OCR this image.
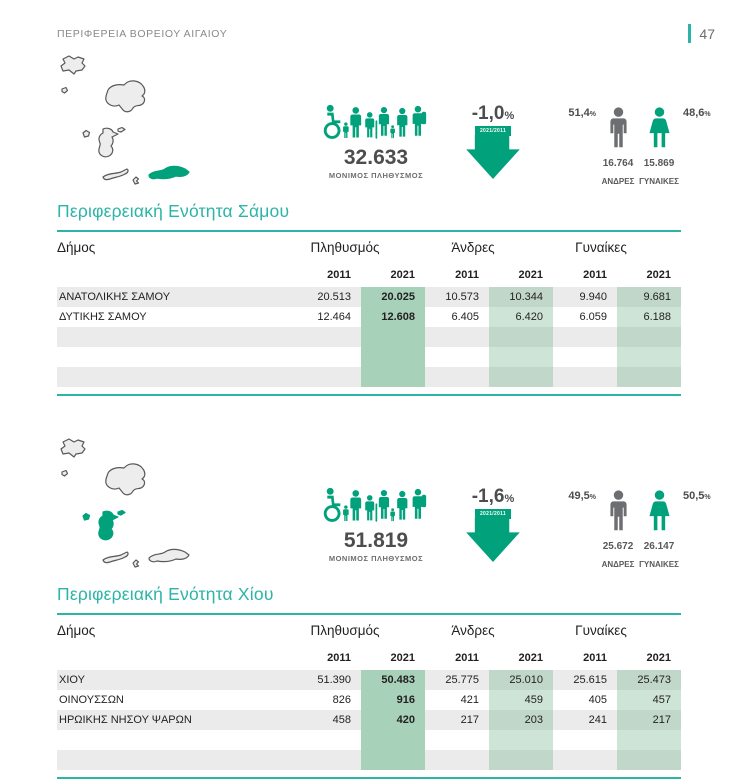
ΠΕΡΙΦΕΡΕΙΑ ΒΟΡΕΙΟΥ ΑΙΓΑΙΟΥ	47
32.633
ΜΟΝΙΜΟΣ ΠΛΗΘΥΣΜΟΣ
-1,0%
2021/2011
51,4%	48,6%
16.764	15.869
ΑΝΔΡΕΣ ΓΥΝΑΙΚΕΣ
Περιφερειακή Ενότητα Σάμου
Δήμος	Πληθυσμός	Άνδρες	Γυναίκες
2011	2021	2011	2021	2011	2021
ΑΝΑΤΟΛΙΚΗΣ ΣΑΜΟΥ	20.513	20.025	10.573	10.344	9.940	9.681
ΔΥΤΙΚΗΣ ΣΑΜΟΥ	12.464	12.608	6.405	6.420	6.059	6.188
51.819
ΜΟΝΙΜΟΣ ΠΛΗΘΥΣΜΟΣ
-1,6%
2021/2011
49,5%	50,5%
25.672	26.147
ΑΝΔΡΕΣ ΓΥΝΑΙΚΕΣ
Περιφερειακή Ενότητα Χίου
Δήμος	Πληθυσμός	Άνδρες	Γυναίκες
2011	2021	2011	2021	2011	2021
ΧΙΟΥ	51.390	50.483	25.775	25.010	25.615	25.473
ΟΙΝΟΥΣΣΩΝ	826	916	421	459	405	457
ΗΡΩΙΚΗΣ ΝΗΣΟΥ ΨΑΡΩΝ	458	420	217	203	241	217
